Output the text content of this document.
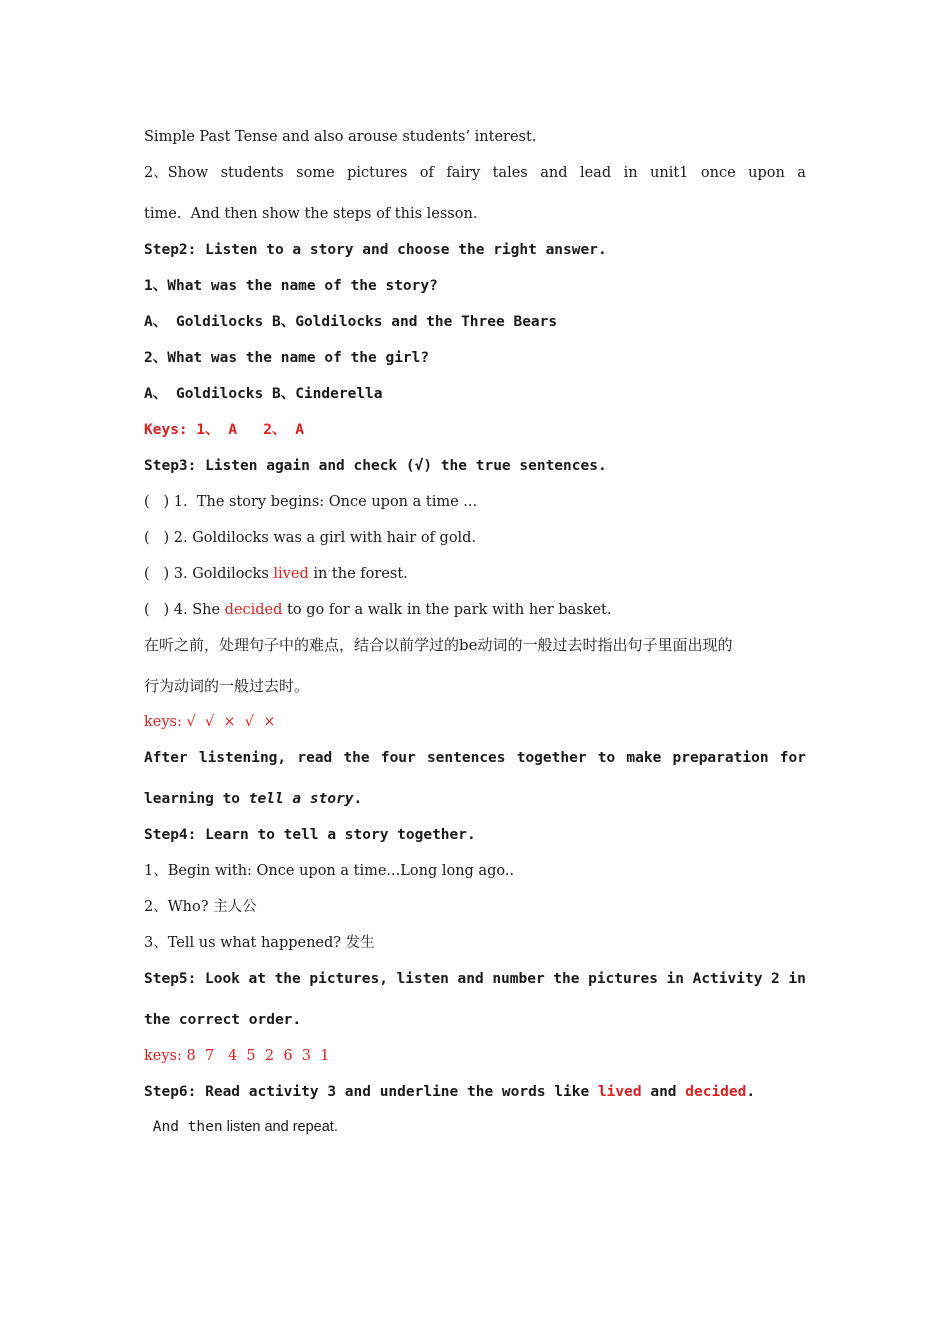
Simple Past Tense and also arouse students’ interest.
2、Show students some pictures of fairy tales and lead in unit1 once upon a
time.  And then show the steps of this lesson.
Step2: Listen to a story and choose the right answer.
1、What was the name of the story?
A、 Goldilocks B、Goldilocks and the Three Bears
2、What was the name of the girl?
A、 Goldilocks B、Cinderella
Keys: 1、 A   2、 A
Step3: Listen again and check (√) the true sentences.
(   ) 1.  The story begins: Once upon a time ...
(   ) 2. Goldilocks was a girl with hair of gold.
(   ) 3. Goldilocks lived in the forest.
(   ) 4. She decided to go for a walk in the park with her basket.
在听之前，处理句子中的难点，结合以前学过的be动词的一般过去时指出句子里面出现的
行为动词的一般过去时。
keys: √  √  ×  √  ×
After listening, read the four sentences together to make preparation for
learning to tell a story.
Step4: Learn to tell a story together.
1、Begin with: Once upon a time...Long long ago..
2、Who? 主人公
3、Tell us what happened? 发生
Step5: Look at the pictures, listen and number the pictures in Activity 2 in
the correct order.
keys: 8  7   4  5  2  6  3  1
Step6: Read activity 3 and underline the words like lived and decided.
And then listen and repeat.
